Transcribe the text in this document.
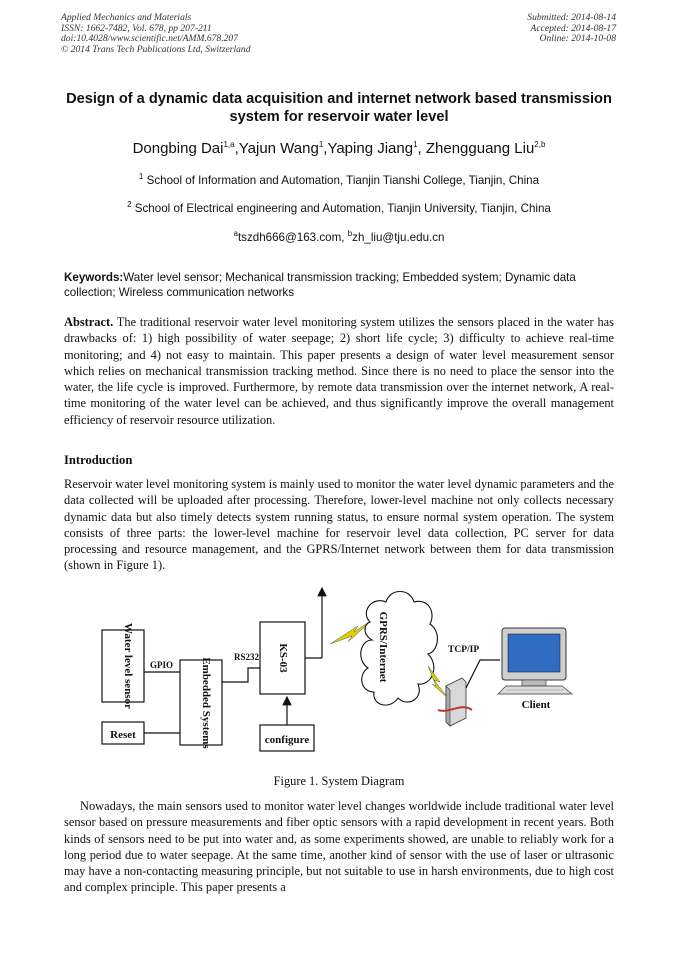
Applied Mechanics and Materials
ISSN: 1662-7482, Vol. 678, pp 207-211
doi:10.4028/www.scientific.net/AMM.678.207
© 2014 Trans Tech Publications Ltd, Switzerland
Submitted: 2014-08-14
Accepted: 2014-08-17
Online: 2014-10-08
Design of a dynamic data acquisition and internet network based transmission system for reservoir water level
Dongbing Dai$^{1,a}$,Yajun Wang$^1$,Yaping Jiang$^1$, Zhengguang Liu$^{2,b}$
$^1$ School of Information and Automation, Tianjin Tianshi College, Tianjin, China
$^2$ School of Electrical engineering and Automation, Tianjin University, Tianjin, China
$^a$tszdh666@163.com, $^b$zh_liu@tju.edu.cn
Keywords:Water level sensor; Mechanical transmission tracking; Embedded system; Dynamic data collection; Wireless communication networks
Abstract. The traditional reservoir water level monitoring system utilizes the sensors placed in the water has drawbacks of: 1) high possibility of water seepage; 2) short life cycle; 3) difficulty to achieve real-time monitoring; and 4) not easy to maintain. This paper presents a design of water level measurement sensor which relies on mechanical transmission tracking method. Since there is no need to place the sensor into the water, the life cycle is improved. Furthermore, by remote data transmission over the internet network, A real-time monitoring of the water level can be achieved, and thus significantly improve the overall management efficiency of reservoir resource utilization.
Introduction
Reservoir water level monitoring system is mainly used to monitor the water level dynamic parameters and the data collected will be uploaded after processing. Therefore, lower-level machine not only collects necessary dynamic data but also timely detects system running status, to ensure normal system operation. The system consists of three parts: the lower-level machine for reservoir level data collection, PC server for data processing and resource management, and the GPRS/Internet network between them for data transmission (shown in Figure 1).
Water level sensor GPIO Embedded Systems
Reset
RS232 KS-03
configure
GPRS/Internet	TCP/IP
Client
Figure 1. System Diagram
Nowadays, the main sensors used to monitor water level changes worldwide include traditional water level sensor based on pressure measurements and fiber optic sensors with a rapid development in recent years. Both kinds of sensors need to be put into water and, as some experiments showed, are unable to reliably work for a long period due to water seepage. At the same time, another kind of sensor with the use of laser or ultrasonic may have a non-contacting measuring principle, but not suitable to use in harsh environments, due to high cost and complex principle. This paper presents a
